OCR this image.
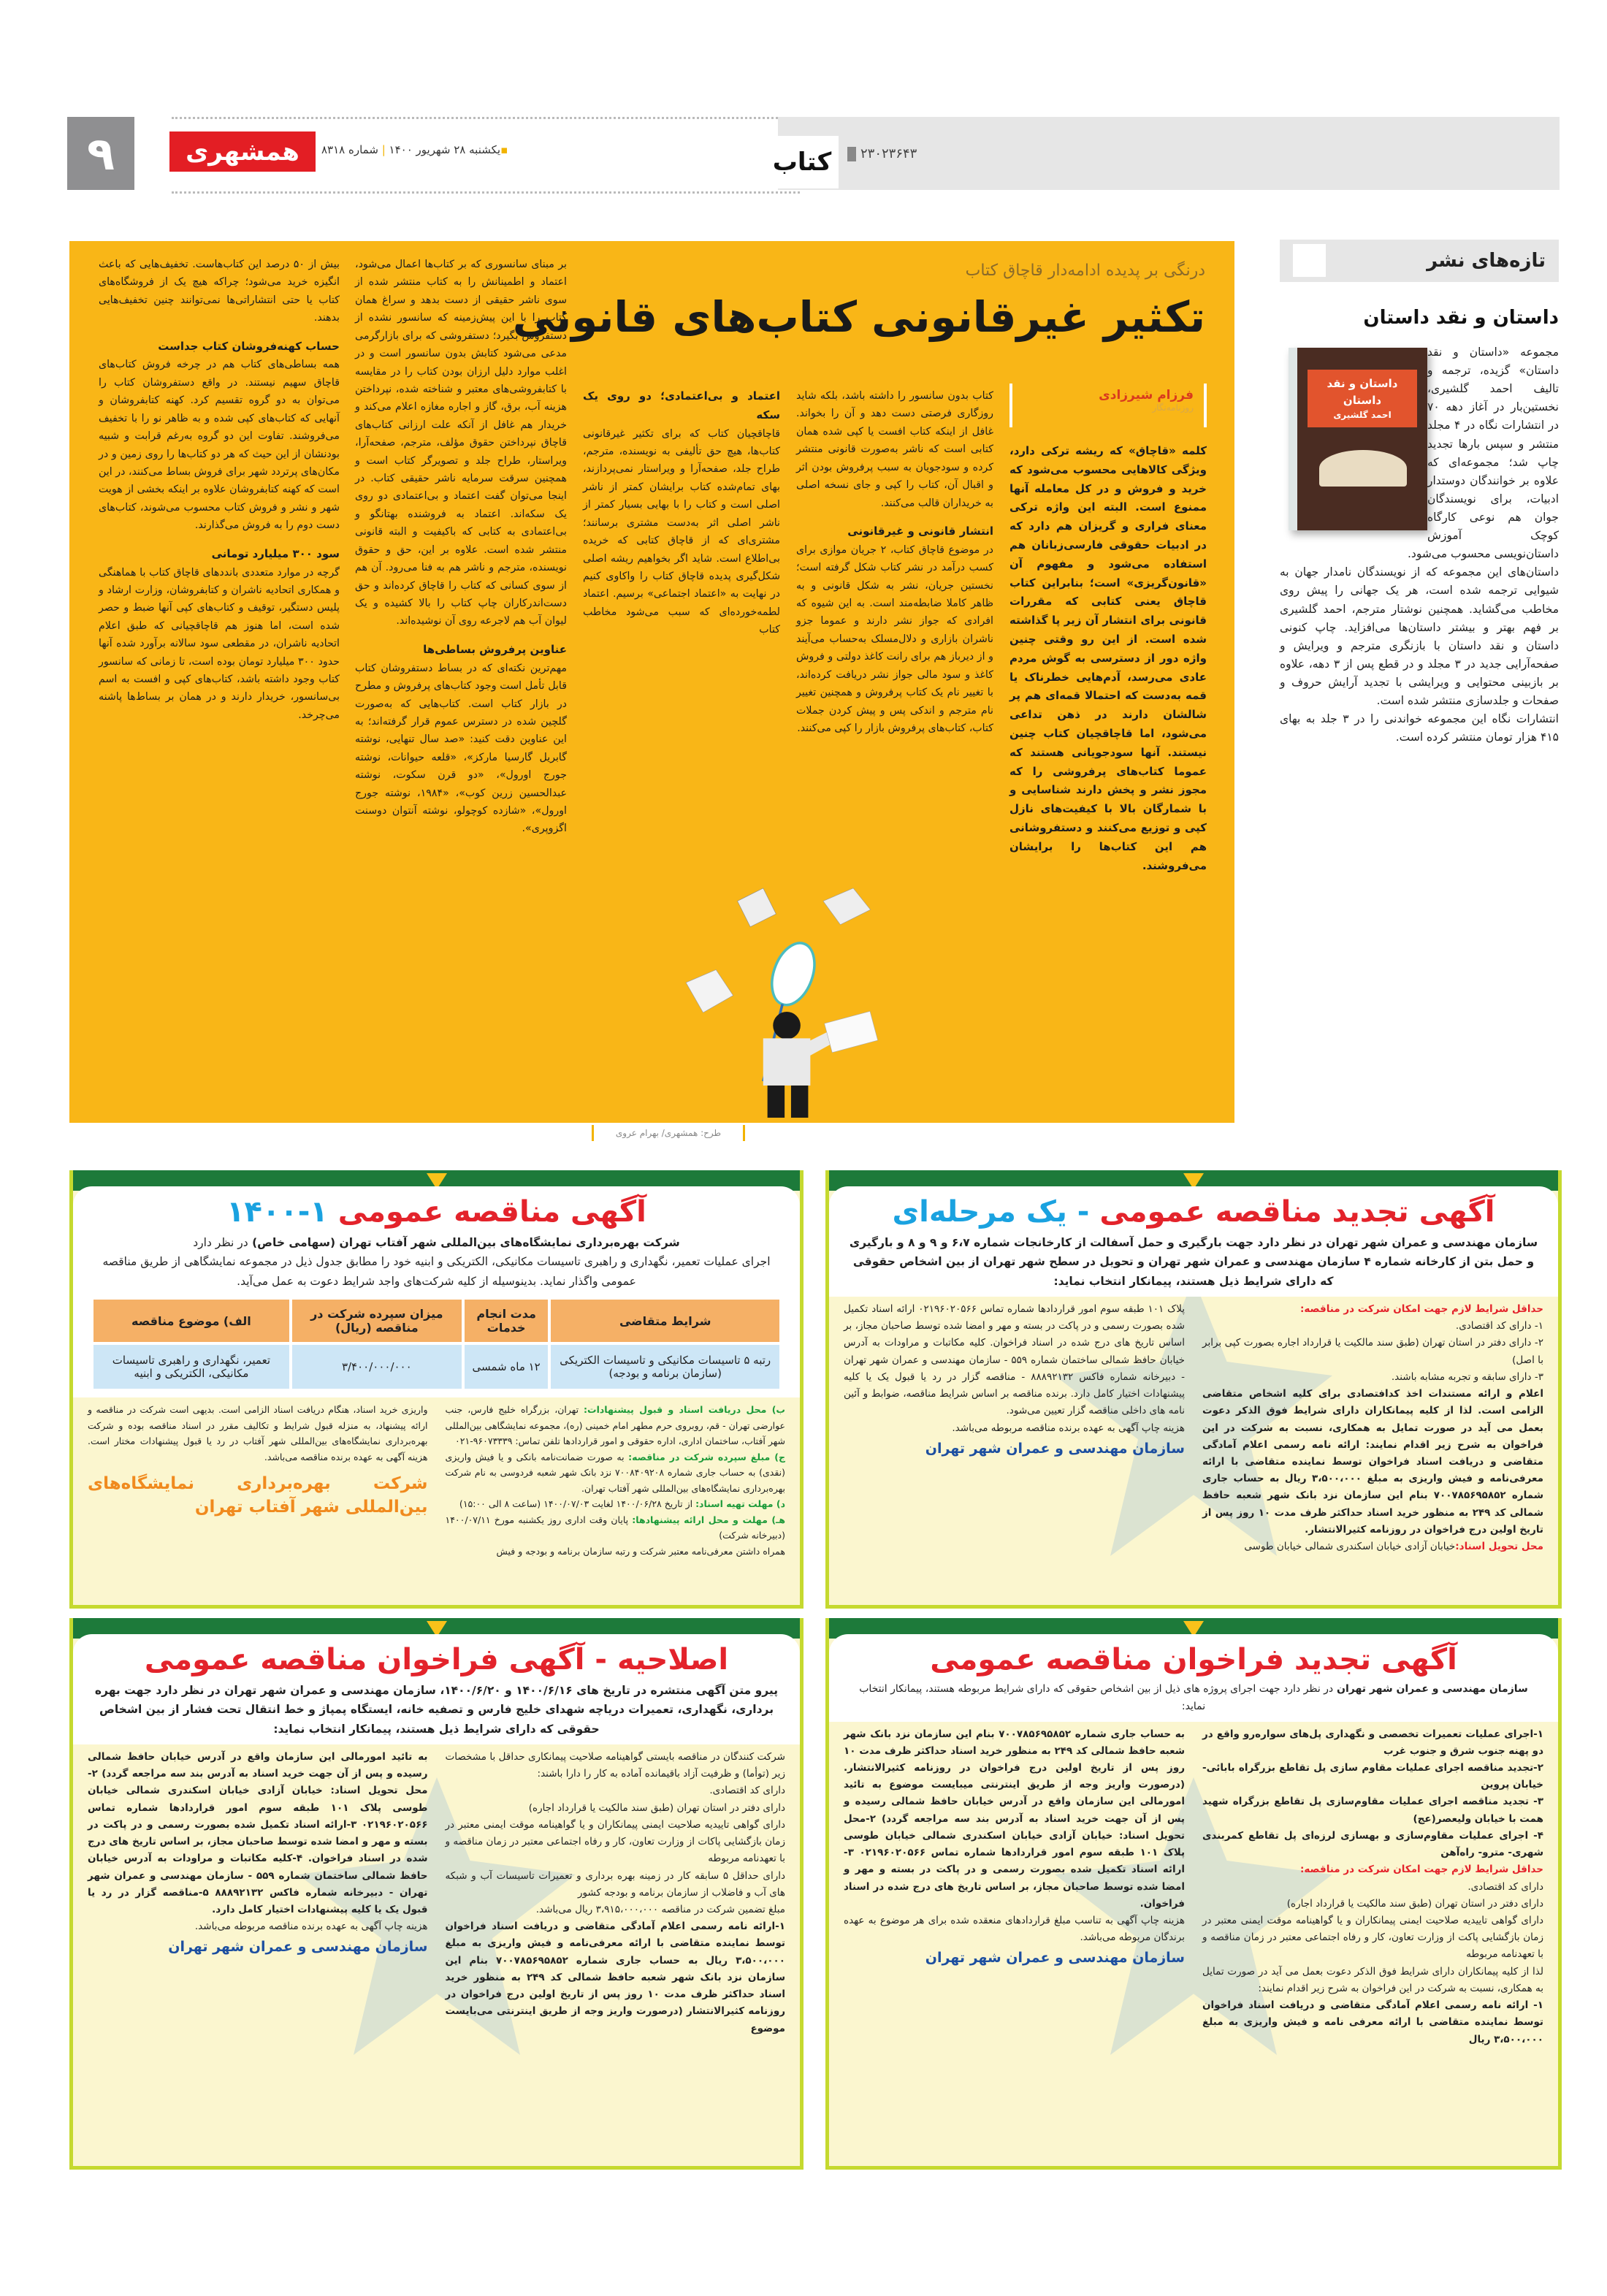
۹	همشهری	▪یکشنبه ۲۸ شهریور ۱۴۰۰ | شماره ۸۳۱۸	کتاب	۲۳۰۲۳۶۴۳
تازه‌های نشر
داستان و نقد داستان
داستان و نقد داستان
احمد گلشیری

مجموعه «داستان و نقد داستان» گزیده، ترجمه و تالیف احمد گلشیری، نخستین‌بار در آغاز دهه ۷۰ در انتشارات نگاه در ۴ مجلد منتشر و سپس بارها تجدید چاپ شد؛ مجموعه‌ای که علاوه بر خوانندگان دوستدار ادبیات، برای نویسندگان جوان هم نوعی کارگاه کوچک آموزش داستان‌نویسی محسوب می‌شود.

داستان‌های این مجموعه که از نویسندگان نامدار جهان به شیوایی ترجمه شده است، هر یک جهانی را پیش روی مخاطب می‌گشاید. همچنین نوشتار مترجم، احمد گلشیری بر فهم بهتر و بیشتر داستان‌ها می‌افزاید. چاپ کنونی داستان و نقد داستان با بازنگری مترجم و ویرایش و صفحه‌آرایی جدید در ۳ مجلد و در قطع پس از ۳ دهه، علاوه بر بازبینی محتوایی و ویرایشی با تجدید آرایش حروف و صفحات و جلدسازی منتشر شده است.

انتشارات نگاه این مجموعه خواندنی را در ۳ جلد به بهای ۴۱۵ هزار تومان منتشر کرده است.

درنگی بر پدیده ادامه‌دار قاچاق کتاب
تکثیر غیرقانونی کتاب‌های قانونی
فرزام شیرزادی
روزنامه‌نگار

کلمه «قاچاق» که ریشه ترکی دارد، ویژگی کالاهایی محسوب می‌شود که خرید و فروش و در کل معامله آنها ممنوع است. البته این واژه ترکی معنای فراری و گریزان هم دارد که در ادبیات حقوقی فارسی‌زبانان هم استفاده می‌شود و مفهوم آن «قانون‌گریزی» است؛ بنابراین کتاب قاچاق یعنی کتابی که مقررات قانونی برای انتشار آن زیر پا گذاشته شده است. از این رو وقتی چنین واژه دور از دسترسی به گوش مردم عادی می‌رسد، آدم‌هایی خطرناک یا قمه به‌دست که احتمالا قمه‌ای هم پر شالشان دارند در ذهن تداعی می‌شود، اما قاچاقچیان کتاب چنین نیستند. آنها سودجویانی هستند که عموما کتاب‌های پرفروشی را که مجوز نشر و پخش دارند شناسایی و با شمارگان بالا با کیفیت‌های نازل کپی و توزیع می‌کنند و دستفروشانی هم این کتاب‌ها را برایشان می‌فروشند.

کتاب بدون سانسور را داشته باشد، بلکه شاید روزگاری فرصتی دست دهد و آن را بخواند. غافل از اینکه کتاب افست یا کپی شده همان کتابی است که ناشر به‌صورت قانونی منتشر کرده و سودجویان به سبب پرفروش بودن اثر و اقبال آن، کتاب را کپی و جای نسخه اصلی به خریداران قالب می‌کنند.

انتشار قانونی و غیرقانونی

در موضوع قاچاق کتاب، ۲ جریان موازی برای کسب درآمد در نشر کتاب شکل گرفته است؛ نخستین جریان، نشر به شکل قانونی و به ظاهر کاملا ضابطه‌مند است. به این شیوه که افرادی که جواز نشر دارند و عموما جزو ناشران بازاری و دلال‌مسلک به‌حساب می‌آیند و از دیرباز هم برای رانت کاغذ دولتی و فروش کاغذ و سود مالی جواز نشر دریافت کرده‌اند، با تغییر نام یک کتاب پرفروش و همچنین تغییر نام مترجم و اندکی پس و پیش کردن جملات کتاب، کتاب‌های پرفروش بازار را کپی می‌کنند.

اعتماد و بی‌اعتمادی؛ دو روی یک سکه

قاچاقچیان کتاب که برای تکثیر غیرقانونی کتاب‌ها، هیچ حق تألیفی به نویسنده، مترجم، طراح جلد، صفحه‌آرا و ویراستار نمی‌پردازند، بهای تمام‌شده کتاب برایشان کمتر از ناشر اصلی است و کتاب را با بهایی بسیار کمتر از ناشر اصلی اثر به‌دست مشتری برسانند؛ مشتری‌ای که از قاچاق کتابی که خریده بی‌اطلاع است. شاید اگر بخواهیم ریشه اصلی شکل‌گیری پدیده قاچاق کتاب را واکاوی کنیم در نهایت به «اعتماد اجتماعی» برسیم. اعتماد لطمه‌خورده‌ای که سبب می‌شود مخاطب کتاب

بر مبنای سانسوری که بر کتاب‌ها اعمال می‌شود، اعتماد و اطمینانش را به کتاب منتشر شده از سوی ناشر حقیقی از دست بدهد و سراغ همان کتاب را با این پیش‌زمینه که سانسور نشده از دستفروش بگیرد؛ دستفروشی که برای بازارگرمی مدعی می‌شود کتابش بدون سانسور است و در اغلب موارد دلیل ارزان بودن کتاب را در مقایسه با کتابفروشی‌های معتبر و شناخته شده، نپرداختن هزینه آب، برق، گاز و اجاره مغازه اعلام می‌کند و خریدار هم غافل از آنکه علت ارزانی کتاب‌های قاچاق نپرداختن حقوق مؤلف، مترجم، صفحه‌آرا، ویراستار، طراح جلد و تصویرگر کتاب است و همچنین سرقت سرمایه ناشر حقیقی کتاب. در اینجا می‌توان گفت اعتماد و بی‌اعتمادی دو روی یک سکه‌اند. اعتماد به فروشنده بهتانگو و بی‌اعتمادی به کتابی که باکیفیت و البته قانونی منتشر شده است. علاوه بر این، حق و حقوق نویسنده، مترجم و ناشر هم به فنا می‌رود. آن هم از سوی کسانی که کتاب را قاچاق کرده‌اند و حق دست‌اندرکاران چاپ کتاب را بالا کشیده و یک لیوان آب هم لاجرعه روی آن نوشیده‌اند.

عناوین پرفروش بساطی‌ها

مهم‌ترین نکته‌ای که در بساط دستفروشان کتاب قابل تأمل است وجود کتاب‌های پرفروش و مطرح در بازار کتاب است. کتاب‌هایی که به‌صورت گلچین شده در دسترس عموم قرار گرفته‌اند؛ به این عناوین دقت کنید: «صد سال تنهایی، نوشته گابریل گارسیا مارکز»، «قلعه حیوانات، نوشته جورج اورول»، «دو قرن سکوت، نوشته عبدالحسین زرین کوب»، «۱۹۸۴، نوشته جورج اورول»، «شازده کوچولو، نوشته آنتوان دوسنت اگزوپری».

بیش از ۵۰ درصد این کتاب‌هاست. تخفیف‌هایی که باعث انگیزه خرید می‌شود؛ چراکه هیچ یک از فروشگاه‌های کتاب یا حتی انتشاراتی‌ها نمی‌توانند چنین تخفیف‌هایی بدهند.

حساب کهنه‌فروشان کتاب جداست

همه بساطی‌های کتاب هم در چرخه فروش کتاب‌های قاچاق سهیم نیستند. در واقع دستفروشان کتاب را می‌توان به دو گروه تقسیم کرد. کهنه کتابفروشان و آنهایی که کتاب‌های کپی شده و به ظاهر نو را با تخفیف می‌فروشند. تفاوت این دو گروه به‌رغم قرابت و شبیه بودنشان از این حیث که هر دو کتاب‌ها را روی زمین و در مکان‌های پرتردد شهر برای فروش بساط می‌کنند، در این است که کهنه کتابفروشان علاوه بر اینکه بخشی از هویت شهر و نشر و فروش کتاب محسوب می‌شوند، کتاب‌های دست دوم را به فروش می‌گذارند.

سود ۳۰۰ میلیارد تومانی

گرچه در موارد متعددی بانددهای قاچاق کتاب با هماهنگی و همکاری اتحادیه ناشران و کتابفروشان، وزارت ارشاد و پلیس دستگیر، توقیف و کتاب‌های کپی آنها ضبط و حصر شده است، اما هنوز هم قاچاقچیانی که طبق اعلام اتحادیه ناشران، در مقطعی سود سالانه برآورد شده آنها حدود ۳۰۰ میلیارد تومان بوده است، تا زمانی که سانسور کتاب وجود داشته باشد، کتاب‌های کپی و افست به اسم بی‌سانسور، خریدار دارند و در همان بر بساط‌ها پاشنه می‌چرخد.

طرح: همشهری/ بهرام عروی
آگهی مناقصه عمومی ۱-۱۴۰۰
شرکت بهره‌برداری نمایشگاه‌های بین‌المللی شهر آفتاب تهران (سهامی خاص) در نظر دارد
اجرای عملیات تعمیر، نگهداری و راهبری تاسیسات مکانیکی، الکتریکی و ابنیه خود را مطابق جدول ذیل در مجموعه نمایشگاهی از طریق مناقصه عمومی واگذار نماید. بدینوسیله از کلیه شرکت‌های واجد شرایط دعوت به عمل می‌آید.
شرایط متقاضی	مدت انجام خدمات	میزان سپرده شرکت در مناقصه (ریال)	الف) موضوع مناقصه
رتبه ۵ تاسیسات مکانیکی و تاسیسات الکتریکی (سازمان برنامه و بودجه)	۱۲ ماه شمسی	۳/۴۰۰/۰۰۰/۰۰۰	تعمیر، نگهداری و راهبری تاسیسات مکانیکی، الکتریکی و ابنیه

ب) محل دریافت اسناد و قبول پیشنهادات: تهران، بزرگراه خلیج فارس، جنب عوارضی تهران - قم، روبروی حرم مطهر امام خمینی (ره)، مجموعه نمایشگاهی بین‌المللی شهر آفتاب، ساختمان اداری، اداره حقوقی و امور قراردادها تلفن تماس: ۹۶۰۷۳۳۳۹-۰۲۱

ج) مبلغ سپرده شرکت در مناقصه: به صورت ضمانت‌نامه بانکی و یا فیش واریزی (نقدی) به حساب جاری شماره ۷۰۰۸۴۰۹۲۰۸ نزد بانک شهر شعبه فردوسی به نام شرکت بهره‌برداری نمایشگاه‌های بین‌المللی شهر آفتاب تهران.

د) مهلت تهیه اسناد: از تاریخ ۱۴۰۰/۰۶/۲۸ لغایت ۱۴۰۰/۰۷/۰۳ (ساعت ۸ الی ۱۵:۰۰)

هـ) مهلت و محل ارائه پیشنهادها: پایان وقت اداری روز یکشنبه مورخ ۱۴۰۰/۰۷/۱۱ (دبیرخانه شرکت)

همراه داشتن معرفی‌نامه معتبر شرکت و رتبه سازمان برنامه و بودجه و فیش

واریزی خرید اسناد، هنگام دریافت اسناد الزامی است. بدیهی است شرکت در مناقصه و ارائه پیشنهاد، به منزله قبول شرایط و تکالیف مقرر در اسناد مناقصه بوده و شرکت بهره‌برداری نمایشگاه‌های بین‌المللی شهر آفتاب در رد یا قبول پیشنهادات مختار است. هزینه آگهی به عهده برنده مناقصه می‌باشد.

شرکت بهره‌برداری نمایشگاه‌های بین‌المللی شهر آفتاب تهران

آگهی تجدید مناقصه عمومی - یک مرحله‌ای
سازمان مهندسی و عمران شهر تهران در نظر دارد جهت بارگیری و حمل آسفالت از کارخانجات شماره ۶،۷ و ۹ و ۸ و بارگیری و حمل بتن از کارخانه شماره ۴ سازمان مهندسی و عمران شهر تهران و تحویل در سطح شهر تهران از بین اشخاص حقوقی که دارای شرایط ذیل هستند، پیمانکار انتخاب نماید:

حداقل شرایط لازم جهت امکان شرکت در مناقصه:

۱- دارای کد اقتصادی.

۲- دارای دفتر در استان تهران (طبق سند مالکیت یا قرارداد اجاره بصورت کپی برابر با اصل)

۳- دارای سابقه و تجربه مشابه باشند.

اعلام و ارائه مستندات اخذ کدافتصادی برای کلیه اشخاص متقاضی الزامی است. لذا از کلیه پیمانکاران دارای شرایط فوق الذکر دعوت بعمل می آید در صورت تمایل به همکاری، نسبت به شرکت در این فراخوان به شرح زیر اقدام نمایند: ارائه نامه رسمی اعلام آمادگی متقاضی و دریافت اسناد فراخوان توسط نماینده متقاضی با ارائه معرفی‌نامه و فیش واریزی به مبلغ ۳،۵۰۰،۰۰۰ ریال به حساب جاری شماره ۷۰۰۷۸۵۶۹۵۸۵۲ بنام این سازمان نزد بانک شهر شعبه حافظ شمالی کد ۲۴۹ به منظور خرید اسناد حداکثر ظرف مدت ۱۰ روز پس از تاریخ اولین درج فراخوان در روزنامه کثیرالانتشار.

محل تحویل اسناد:خیابان آزادی خیابان اسکندری شمالی خیابان طوسی

پلاک ۱۰۱ طبقه سوم امور قراردادها شماره تماس ۰۲۱۹۶۰۲۰۵۶۶ ارائه اسناد تکمیل شده بصورت رسمی و در پاکت در بسته و مهر و امضا شده توسط صاحبان مجاز، بر اساس تاریخ های درج شده در اسناد فراخوان. کلیه مکاتبات و مراودات به آدرس خیابان حافظ شمالی ساختمان شماره ۵۵۹ - سازمان مهندسی و عمران شهر تهران - دبیرخانه شماره فاکس ۸۸۸۹۲۱۳۲ - مناقصه گزار در رد یا قبول یک یا کلیه پیشنهادات اختیار کامل دارد. برنده مناقصه بر اساس شرایط مناقصه، ضوابط و آئین نامه های داخلی مناقصه گزار تعیین می‌شود.

هزینه چاپ آگهی به عهده برنده مناقصه مربوطه می‌باشد.

سازمان مهندسی و عمران شهر تهران

اصلاحیه - آگهی فراخوان مناقصه عمومی
پیرو متن آگهی منتشره در تاریخ های ۱۴۰۰/۶/۱۶ و ۱۴۰۰/۶/۲۰، سازمان مهندسی و عمران شهر تهران در نظر دارد جهت بهره برداری، نگهداری، تعمیرات دریاچه شهدای خلیج فارس و تصفیه خانه، ایستگاه پمپاژ و خط انتقال تحت فشار از بین اشخاص حقوقی که دارای شرایط ذیل هستند، پیمانکار انتخاب نماید:

شرکت کنندگان در مناقصه بایستی گواهینامه صلاحیت پیمانکاری حداقل با مشخصات زیر (توأما) و ظرفیت آزاد باقیمانده آماده به کار را دارا باشند:

دارای کد اقتصادی.

دارای دفتر در استان تهران (طبق سند مالکیت یا قرارداد اجاره)

دارای گواهی تاییدیه صلاحیت ایمنی پیمانکاران و یا گواهینامه موقت ایمنی معتبر در زمان بازگشایی پاکات از وزارت تعاون، کار و رفاه اجتماعی معتبر در زمان مناقصه و با تعهدنامه مربوطه

دارای حداقل ۵ سابقه کار در زمینه بهره برداری و تعمیرات تاسیسات آب و شبکه های آب و فاضلاب از سازمان برنامه و بودجه کشور

مبلغ تضمین شرکت در مناقصه ۳،۹۱۵،۰۰۰،۰۰۰ ریال می‌باشد.

۱-ارائه نامه رسمی اعلام آمادگی متقاضی و دریافت اسناد فراخوان توسط نماینده متقاضی با ارائه معرفی‌نامه و فیش واریزی به مبلغ ۳،۵۰۰،۰۰۰ ریال به حساب جاری شماره ۷۰۰۷۸۵۶۹۵۸۵۲ بنام این سازمان نزد بانک شهر شعبه حافظ شمالی کد ۲۴۹ به منظور خرید اسناد حداکثر ظرف مدت ۱۰ روز پس از تاریخ اولین درج فراخوان در روزنامه کثیرالانتشار (درصورت واریز وجه از طریق اینترنتی می‌بایست موضوع

به تائید امورمالی این سازمان واقع در آدرس خیابان حافظ شمالی رسیده و پس از آن جهت خرید اسناد به آدرس بند سه مراجعه گردد) ۲-محل تحویل اسناد: خیابان آزادی خیابان اسکندری شمالی خیابان طوسی پلاک ۱۰۱ طبقه سوم امور قراردادها شماره تماس ۰۲۱۹۶۰۲۰۵۶۶ ۳-ارائه اسناد تکمیل شده بصورت رسمی و در پاکت در بسته و مهر و امضا شده توسط صاحبان مجاز، بر اساس تاریخ های درج شده در اسناد فراخوان. ۴-کلیه مکاتبات و مراودات به آدرس خیابان حافظ شمالی ساختمان شماره ۵۵۹ - سازمان مهندسی و عمران شهر تهران - دبیرخانه شماره فاکس ۸۸۸۹۲۱۳۲ ۵-مناقصه گزار در رد یا قبول یک یا کلیه پیشنهادات اختیار کامل دارد.

هزینه چاپ آگهی به عهده برنده مناقصه مربوطه می‌باشد.

سازمان مهندسی و عمران شهر تهران

آگهی تجدید فراخوان مناقصه عمومی
سازمان مهندسی و عمران شهر تهران در نظر دارد جهت اجرای پروژه های ذیل از بین اشخاص حقوقی که دارای شرایط مربوطه هستند، پیمانکار انتخاب نماید:

۱-اجرای عملیات تعمیرات تخصصی و نگهداری پل‌های سواره‌رو واقع در دو پهنه جنوب شرق و جنوب غرب

۲-تجدید مناقصه اجرای عملیات مقاوم سازی پل تقاطع بزرگراه بابائی- خیابان پروین

۳- تجدید مناقصه اجرای عملیات مقاوم‌سازی پل تقاطع بزرگراه شهید همت با خیابان ولیعصر(عج)

۴- اجرای عملیات مقاوم‌سازی و بهسازی لرزه‌ای پل تقاطع کمربندی شهری- مترو- راه‌آهن

حداقل شرایط لازم جهت امکان شرکت در مناقصه:

دارای کد اقتصادی.

دارای دفتر در استان تهران (طبق سند مالکیت یا قرارداد اجاره)

دارای گواهی تاییدیه صلاحیت ایمنی پیمانکاران و یا گواهینامه موقت ایمنی معتبر در زمان بازگشایی پاکت از وزارت تعاون، کار و رفاه اجتماعی معتبر در زمان مناقصه و با تعهدنامه مربوطه

لذا از کلیه پیمانکاران دارای شرایط فوق الذکر دعوت بعمل می آید در صورت تمایل به همکاری، نسبت به شرکت در این فراخوان به شرح زیر اقدام نمایند:

۱- ارائه نامه رسمی اعلام آمادگی متقاضی و دریافت اسناد فراخوان توسط نماینده متقاضی با ارائه معرفی نامه و فیش واریزی به مبلغ ۳،۵۰۰،۰۰۰ ریال

به حساب جاری شماره ۷۰۰۷۸۵۶۹۵۸۵۲ بنام این سازمان نزد بانک شهر شعبه حافظ شمالی کد ۲۴۹ به منظور خرید اسناد حداکثر ظرف مدت ۱۰ روز پس از تاریخ اولین درج فراخوان در روزنامه کثیرالانتشار. (درصورت واریز وجه از طریق اینترنتی میبایست موضوع به تائید امورمالی این سازمان واقع در آدرس خیابان حافظ شمالی رسیده و پس از آن جهت خرید اسناد به آدرس بند سه مراجعه گردد) ۲-محل تحویل اسناد: خیابان آزادی خیابان اسکندری شمالی خیابان طوسی پلاک ۱۰۱ طبقه سوم امور قراردادها شماره تماس ۰۲۱۹۶۰۲۰۵۶۶ ۳-ارائه اسناد تکمیل شده بصورت رسمی و در پاکت در بسته و مهر و امضا شده توسط صاحبان مجاز، بر اساس تاریخ های درج شده در اسناد فراخوان.

هزینه چاپ آگهی به تناسب مبلغ قراردادهای منعقده شده برای هر موضوع به عهده برندگان مربوطه می‌باشد.

سازمان مهندسی و عمران شهر تهران
